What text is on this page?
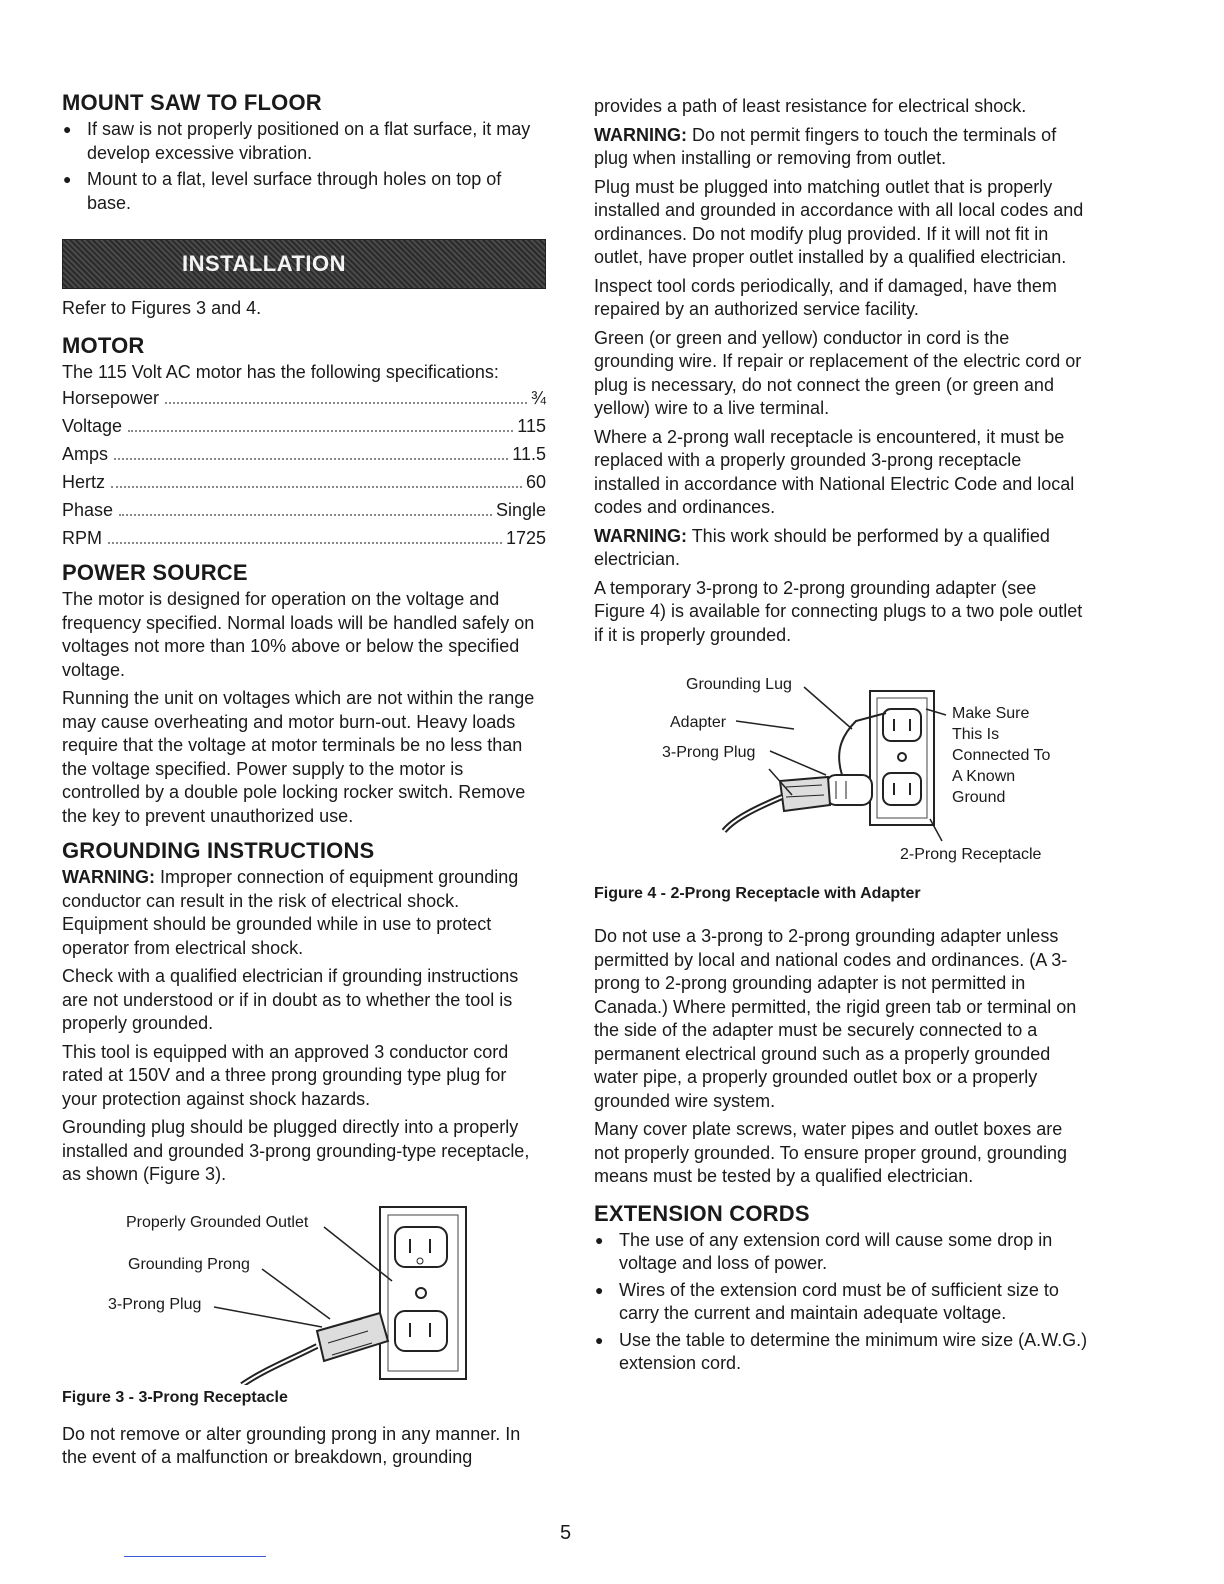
MOUNT SAW TO FLOOR
● If saw is not properly positioned on a flat surface, it may develop excessive vibration.
● Mount to a flat, level surface through holes on top of base.
INSTALLATION

Refer to Figures 3 and 4.

MOTOR

The 115 Volt AC motor has the following specifications:

Horsepower	¾
Voltage	115
Amps	11.5
Hertz	60
Phase	Single
RPM	1725
POWER SOURCE

The motor is designed for operation on the voltage and frequency specified. Normal loads will be handled safely on voltages not more than 10% above or below the specified voltage.

Running the unit on voltages which are not within the range may cause overheating and motor burn-out. Heavy loads require that the voltage at motor terminals be no less than the voltage specified. Power supply to the motor is controlled by a double pole locking rocker switch. Remove the key to prevent unauthorized use.

GROUNDING INSTRUCTIONS

WARNING: Improper connection of equipment grounding conductor can result in the risk of electrical shock. Equipment should be grounded while in use to protect operator from electrical shock.

Check with a qualified electrician if grounding instructions are not understood or if in doubt as to whether the tool is properly grounded.

This tool is equipped with an approved 3 conductor cord rated at 150V and a three prong grounding type plug for your protection against shock hazards.

Grounding plug should be plugged directly into a properly installed and grounded 3-prong grounding-type receptacle, as shown (Figure 3).

Properly Grounded Outlet
Grounding Prong
3-Prong Plug
Figure 3 - 3-Prong Receptacle

Do not remove or alter grounding prong in any manner. In the event of a malfunction or breakdown, grounding

provides a path of least resistance for electrical shock.

WARNING: Do not permit fingers to touch the terminals of plug when installing or removing from outlet.

Plug must be plugged into matching outlet that is properly installed and grounded in accordance with all local codes and ordinances. Do not modify plug provided. If it will not fit in outlet, have proper outlet installed by a qualified electrician.

Inspect tool cords periodically, and if damaged, have them repaired by an authorized service facility.

Green (or green and yellow) conductor in cord is the grounding wire. If repair or replacement of the electric cord or plug is necessary, do not connect the green (or green and yellow) wire to a live terminal.

Where a 2-prong wall receptacle is encountered, it must be replaced with a properly grounded 3-prong receptacle installed in accordance with National Electric Code and local codes and ordinances.

WARNING: This work should be performed by a qualified electrician.

A temporary 3-prong to 2-prong grounding adapter (see Figure 4) is available for connecting plugs to a two pole outlet if it is properly grounded.

Grounding Lug
Adapter
3-Prong Plug
Make Sure
This Is
Connected To
A Known
Ground
2-Prong Receptacle
Figure 4 - 2-Prong Receptacle with Adapter

Do not use a 3-prong to 2-prong grounding adapter unless permitted by local and national codes and ordinances. (A 3-prong to 2-prong grounding adapter is not permitted in Canada.) Where permitted, the rigid green tab or terminal on the side of the adapter must be securely connected to a permanent electrical ground such as a properly grounded water pipe, a properly grounded outlet box or a properly grounded wire system.

Many cover plate screws, water pipes and outlet boxes are not properly grounded. To ensure proper ground, grounding means must be tested by a qualified electrician.

EXTENSION CORDS
● The use of any extension cord will cause some drop in voltage and loss of power.
● Wires of the extension cord must be of sufficient size to carry the current and maintain adequate voltage.
● Use the table to determine the minimum wire size (A.W.G.) extension cord.
5
